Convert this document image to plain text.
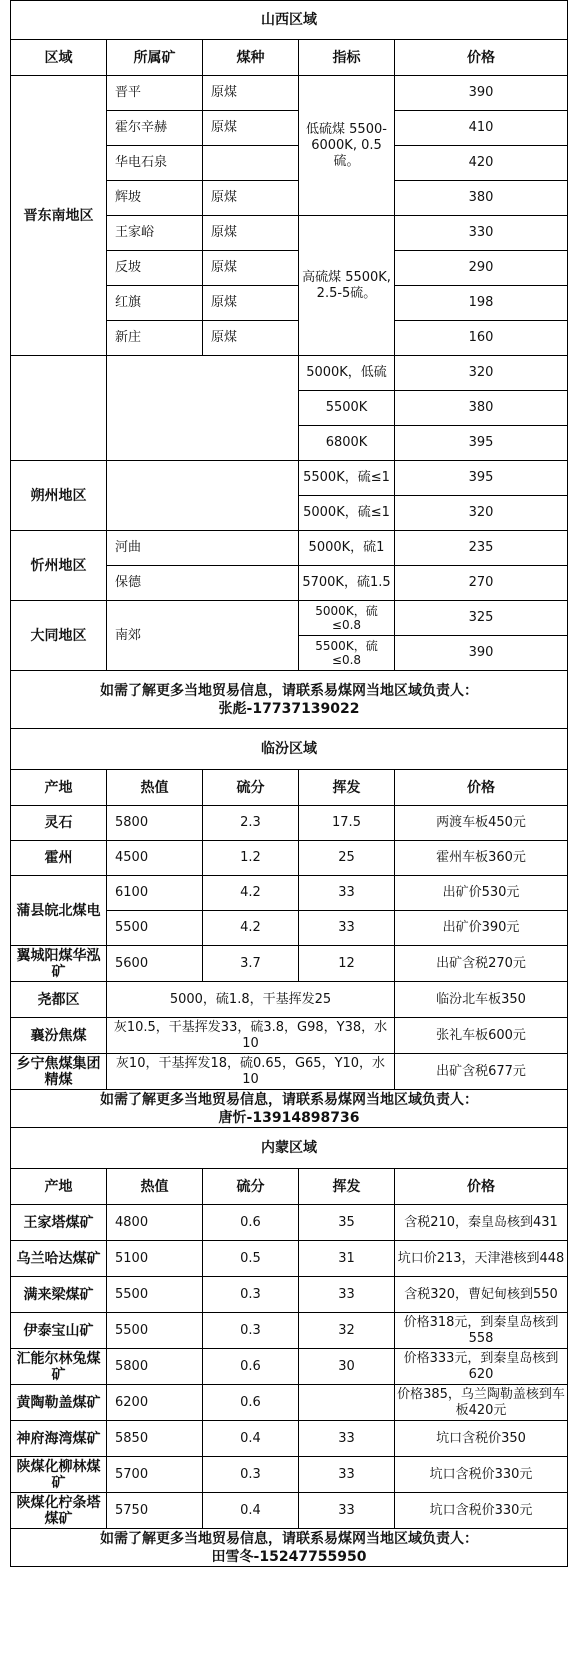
山西区域				
区域	所属矿	煤种	指标	价格
晋东南地区	晋平	原煤	低硫煤 5500-6000K, 0.5硫。	390
	霍尔辛赫	原煤		410
	华电石泉			420
	辉坡	原煤		380
	王家峪	原煤	高硫煤 5500K, 2.5-5硫。	330
	反坡	原煤		290
	红旗	原煤		198
	新庄	原煤		160
			5000K，低硫	320
			5500K	380
			6800K	395
朔州地区			5500K，硫≤1	395
			5000K，硫≤1	320
忻州地区	河曲		5000K，硫1	235
	保德		5700K，硫1.5	270
大同地区	南郊		5000K，硫≤0.8	325
			5500K，硫≤0.8	390

如需了解更多当地贸易信息，请联系易煤网当地区域负责人：
张彪-17737139022				

临汾区域				
产地	热值	硫分	挥发	价格
灵石	5800	2.3	17.5	两渡车板450元
霍州	4500	1.2	25	霍州车板360元
蒲县皖北煤电	6100	4.2	33	出矿价530元
	5500	4.2	33	出矿价390元
翼城阳煤华泓矿	5600	3.7	12	出矿含税270元
尧都区	5000，硫1.8，干基挥发25			临汾北车板350
襄汾焦煤	灰10.5，干基挥发33，硫3.8，G98，Y38，水10			张礼车板600元
乡宁焦煤集团精煤	灰10，干基挥发18，硫0.65，G65，Y10，水10			出矿含税677元

如需了解更多当地贸易信息，请联系易煤网当地区域负责人：
唐忻-13914898736				

内蒙区域				
产地	热值	硫分	挥发	价格
王家塔煤矿	4800	0.6	35	含税210，秦皇岛核到431
乌兰哈达煤矿	5100	0.5	31	坑口价213，天津港核到448
满来梁煤矿	5500	0.3	33	含税320，曹妃甸核到550
伊泰宝山矿	5500	0.3	32	价格318元，到秦皇岛核到558
汇能尔林兔煤矿	5800	0.6	30	价格333元，到秦皇岛核到620
黄陶勒盖煤矿	6200	0.6		价格385，乌兰陶勒盖核到车板420元
神府海湾煤矿	5850	0.4	33	坑口含税价350
陕煤化柳林煤矿	5700	0.3	33	坑口含税价330元
陕煤化柠条塔煤矿	5750	0.4	33	坑口含税价330元

如需了解更多当地贸易信息，请联系易煤网当地区域负责人：
田雪冬-15247755950				
